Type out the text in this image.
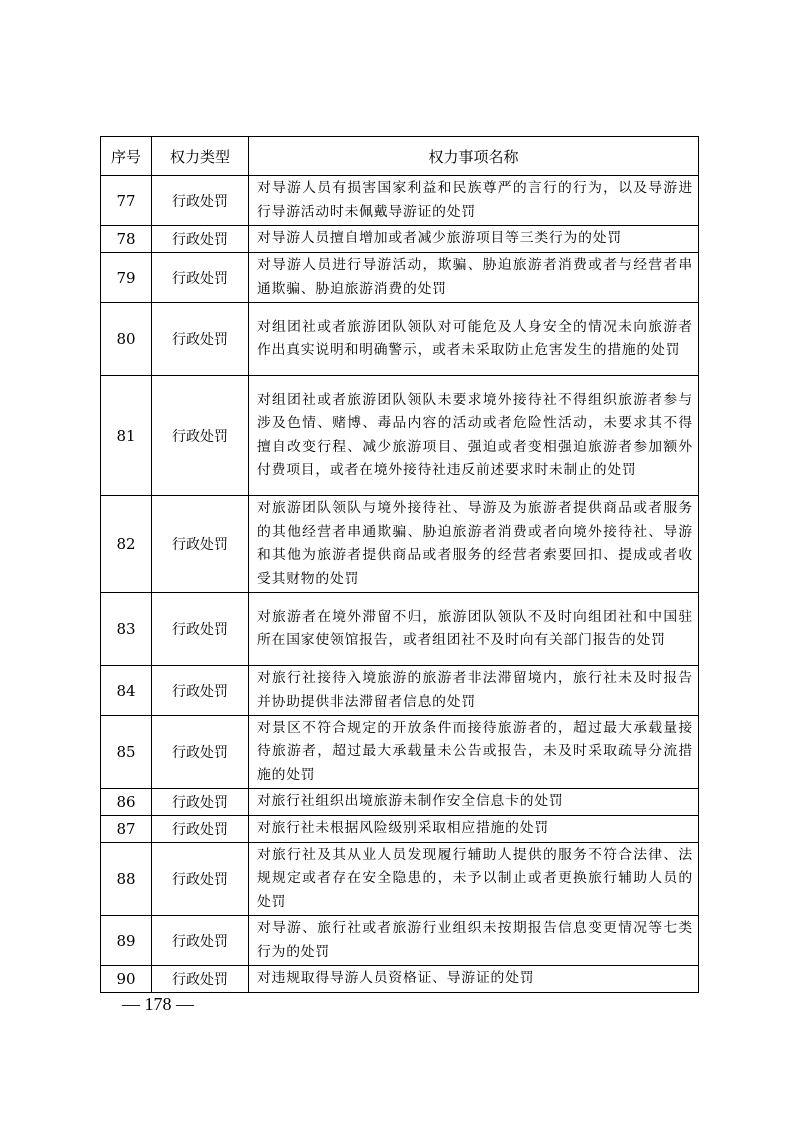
序号	权力类型	权力事项名称
77	行政处罚	对导游人员有损害国家利益和民族尊严的言行的行为，以及导游进行导游活动时未佩戴导游证的处罚
78	行政处罚	对导游人员擅自增加或者减少旅游项目等三类行为的处罚
79	行政处罚	对导游人员进行导游活动，欺骗、胁迫旅游者消费或者与经营者串通欺骗、胁迫旅游消费的处罚
80	行政处罚	对组团社或者旅游团队领队对可能危及人身安全的情况未向旅游者作出真实说明和明确警示，或者未采取防止危害发生的措施的处罚
81	行政处罚	对组团社或者旅游团队领队未要求境外接待社不得组织旅游者参与涉及色情、赌博、毒品内容的活动或者危险性活动，未要求其不得擅自改变行程、减少旅游项目、强迫或者变相强迫旅游者参加额外付费项目，或者在境外接待社违反前述要求时未制止的处罚
82	行政处罚	对旅游团队领队与境外接待社、导游及为旅游者提供商品或者服务的其他经营者串通欺骗、胁迫旅游者消费或者向境外接待社、导游和其他为旅游者提供商品或者服务的经营者索要回扣、提成或者收受其财物的处罚
83	行政处罚	对旅游者在境外滞留不归，旅游团队领队不及时向组团社和中国驻所在国家使领馆报告，或者组团社不及时向有关部门报告的处罚
84	行政处罚	对旅行社接待入境旅游的旅游者非法滞留境内，旅行社未及时报告并协助提供非法滞留者信息的处罚
85	行政处罚	对景区不符合规定的开放条件而接待旅游者的，超过最大承载量接待旅游者，超过最大承载量未公告或报告，未及时采取疏导分流措施的处罚
86	行政处罚	对旅行社组织出境旅游未制作安全信息卡的处罚
87	行政处罚	对旅行社未根据风险级别采取相应措施的处罚
88	行政处罚	对旅行社及其从业人员发现履行辅助人提供的服务不符合法律、法规规定或者存在安全隐患的，未予以制止或者更换旅行辅助人员的处罚
89	行政处罚	对导游、旅行社或者旅游行业组织未按期报告信息变更情况等七类行为的处罚
90	行政处罚	对违规取得导游人员资格证、导游证的处罚
— 178 —
